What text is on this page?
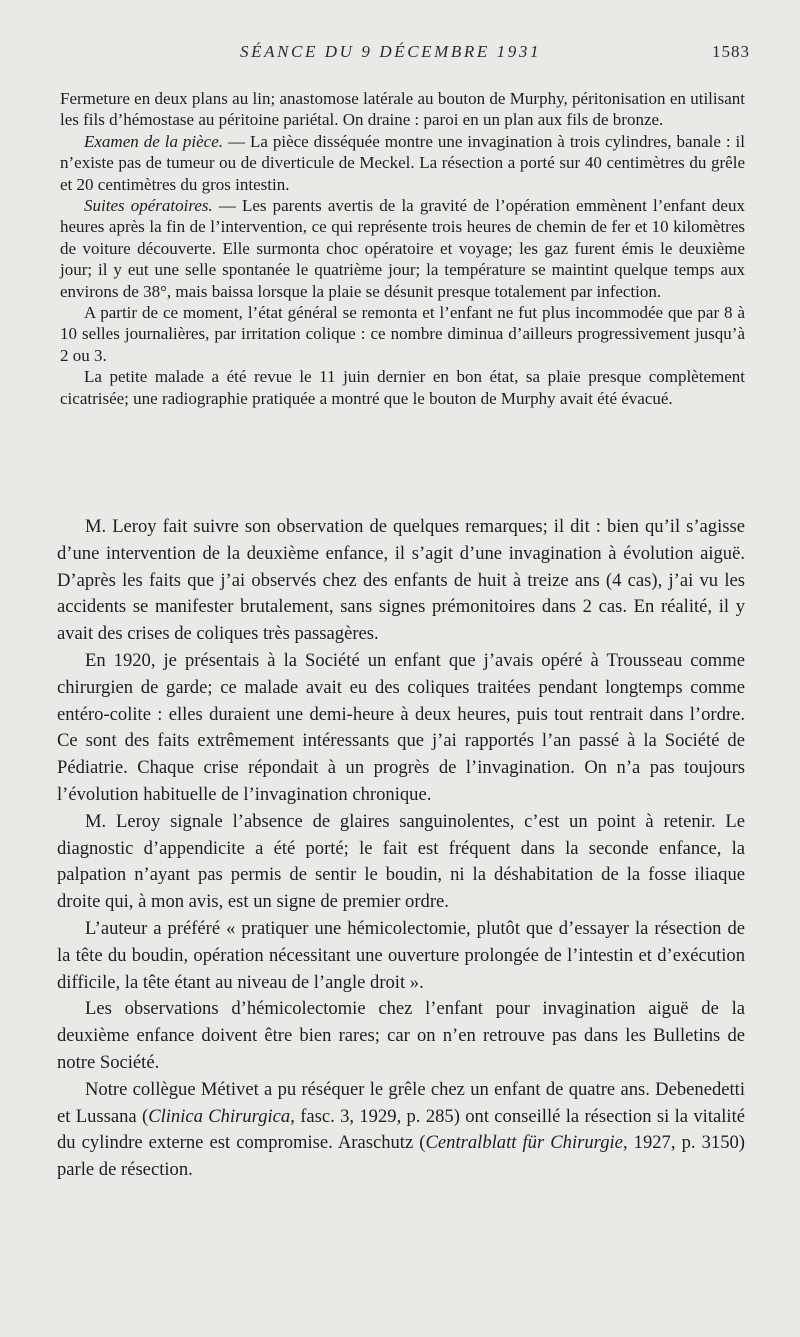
SÉANCE DU 9 DÉCEMBRE 1931	1583

Fermeture en deux plans au lin; anastomose latérale au bouton de Murphy, péritonisation en utilisant les fils d’hémostase au péritoine pariétal. On draine : paroi en un plan aux fils de bronze.

Examen de la pièce. — La pièce disséquée montre une invagination à trois cylindres, banale : il n’existe pas de tumeur ou de diverticule de Meckel. La résection a porté sur 40 centimètres du grêle et 20 centimètres du gros intestin.

Suites opératoires. — Les parents avertis de la gravité de l’opération emmènent l’enfant deux heures après la fin de l’intervention, ce qui représente trois heures de chemin de fer et 10 kilomètres de voiture découverte. Elle surmonta choc opératoire et voyage; les gaz furent émis le deuxième jour; il y eut une selle spontanée le quatrième jour; la température se maintint quelque temps aux environs de 38°, mais baissa lorsque la plaie se désunit presque totalement par infection.

A partir de ce moment, l’état général se remonta et l’enfant ne fut plus incommodée que par 8 à 10 selles journalières, par irritation colique : ce nombre diminua d’ailleurs progressivement jusqu’à 2 ou 3.

La petite malade a été revue le 11 juin dernier en bon état, sa plaie presque complètement cicatrisée; une radiographie pratiquée a montré que le bouton de Murphy avait été évacué.

M. Leroy fait suivre son observation de quelques remarques; il dit : bien qu’il s’agisse d’une intervention de la deuxième enfance, il s’agit d’une invagination à évolution aiguë. D’après les faits que j’ai observés chez des enfants de huit à treize ans (4 cas), j’ai vu les accidents se manifester brutalement, sans signes prémonitoires dans 2 cas. En réalité, il y avait des crises de coliques très passagères.

En 1920, je présentais à la Société un enfant que j’avais opéré à Trousseau comme chirurgien de garde; ce malade avait eu des coliques traitées pendant longtemps comme entéro-colite : elles duraient une demi-heure à deux heures, puis tout rentrait dans l’ordre. Ce sont des faits extrêmement intéressants que j’ai rapportés l’an passé à la Société de Pédiatrie. Chaque crise répondait à un progrès de l’invagination. On n’a pas toujours l’évolution habituelle de l’invagination chronique.

M. Leroy signale l’absence de glaires sanguinolentes, c’est un point à retenir. Le diagnostic d’appendicite a été porté; le fait est fréquent dans la seconde enfance, la palpation n’ayant pas permis de sentir le boudin, ni la déshabitation de la fosse iliaque droite qui, à mon avis, est un signe de premier ordre.

L’auteur a préféré « pratiquer une hémicolectomie, plutôt que d’essayer la résection de la tête du boudin, opération nécessitant une ouverture prolongée de l’intestin et d’exécution difficile, la tête étant au niveau de l’angle droit ».

Les observations d’hémicolectomie chez l’enfant pour invagination aiguë de la deuxième enfance doivent être bien rares; car on n’en retrouve pas dans les Bulletins de notre Société.

Notre collègue Métivet a pu réséquer le grêle chez un enfant de quatre ans. Debenedetti et Lussana (Clinica Chirurgica, fasc. 3, 1929, p. 285) ont conseillé la résection si la vitalité du cylindre externe est compromise. Araschutz (Centralblatt für Chirurgie, 1927, p. 3150) parle de résection.
